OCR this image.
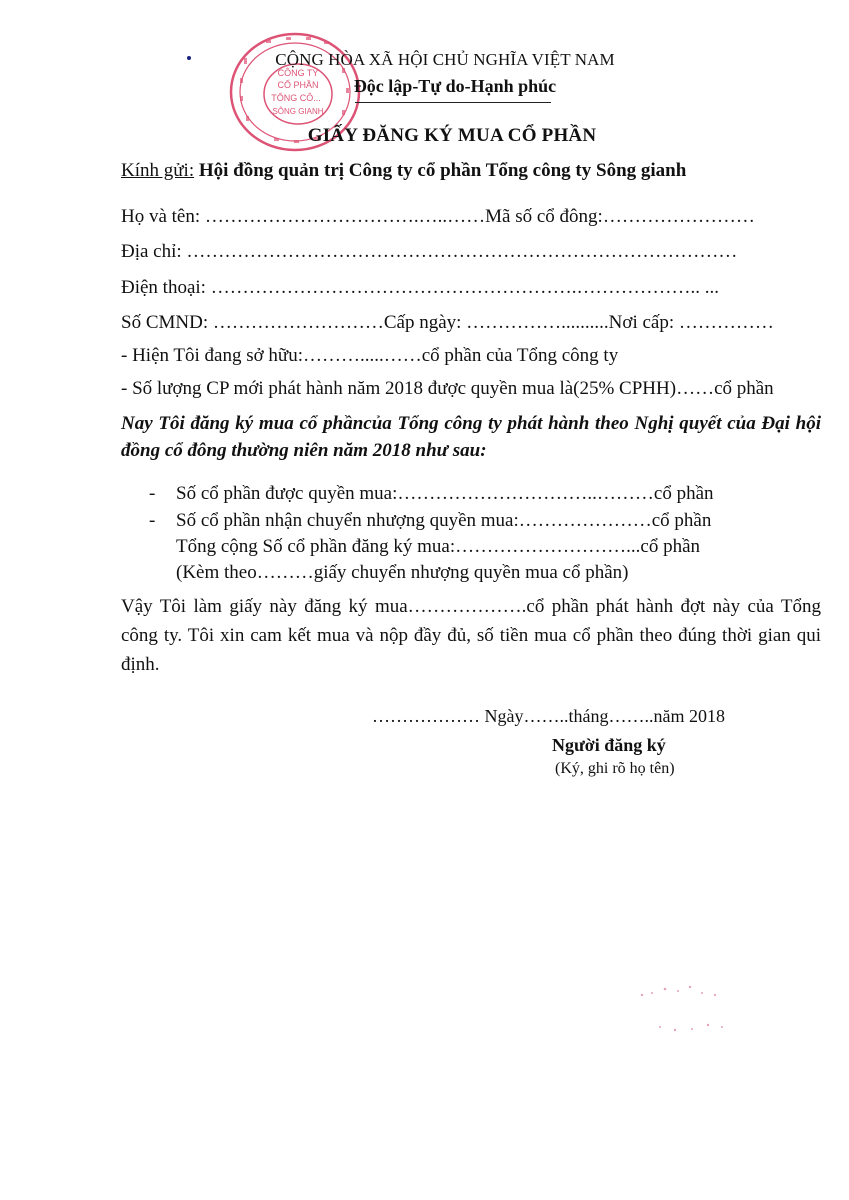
CÔNG TY
CỔ PHẦN
TỔNG CÔ...
SÔNG GIANH
CỘNG HÒA XÃ HỘI CHỦ NGHĨA VIỆT NAM
Độc lập-Tự do-Hạnh phúc
GIẤY ĐĂNG KÝ MUA CỔ PHẦN
Kính gửi: Hội đồng quản trị Công ty cổ phần Tổng công ty Sông gianh
Họ và tên: …………………………….…..……Mã số cổ đông:……………………
Địa chỉ: ……………………………………………………………………………
Điện thoại: ………………………………………………….……………….. ...
Số CMND: ………………………Cấp ngày: ……………..........Nơi cấp: ……………
- Hiện Tôi đang sở hữu:……….....……cổ phần của Tổng công ty
- Số lượng CP mới phát hành năm 2018 được quyền mua là(25% CPHH)……cổ phần
Nay Tôi đăng ký mua cổ phầncủa Tổng công ty phát hành theo Nghị quyết của Đại hội đồng cổ đông thường niên năm 2018 như sau:
- Số cổ phần được quyền mua:…………………………..………cổ phần
- Số cổ phần nhận chuyển nhượng quyền mua:…………………cổ phần
Tổng cộng Số cổ phần đăng ký mua:………………………...cổ phần
(Kèm theo………giấy chuyển nhượng quyền mua cổ phần)
Vậy Tôi làm giấy này đăng ký mua……………….cổ phần phát hành đợt này của Tổng công ty. Tôi xin cam kết mua và nộp đầy đủ, số tiền mua cổ phần theo đúng thời gian qui định.
……………… Ngày……..tháng……..năm 2018
Người đăng ký
(Ký, ghi rõ họ tên)
